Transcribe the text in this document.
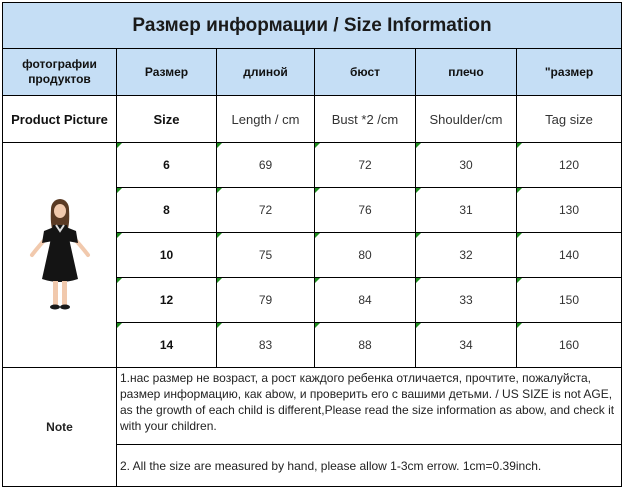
Размер информации / Size Information					
фотографии продуктов	Размер	длиной	бюст	плечо	"размер
Product Picture	Size	Length / cm	Bust *2 /cm	Shoulder/cm	Tag size

	6	69	72	30	120
	8	72	76	31	130
	10	75	80	32	140
	12	79	84	33	150
	14	83	88	34	160
Note	1.нас размер не возраст, а рост каждого ребенка отличается, прочтите, пожалуйста, размер информацию, как abow, и проверить его с вашими детьми. / US SIZE is not AGE, as the growth of each child is different,Please read the size information as abow, and check it with your children.				
	2. All the size are measured by hand, please allow 1-3cm errow. 1cm=0.39inch.				
